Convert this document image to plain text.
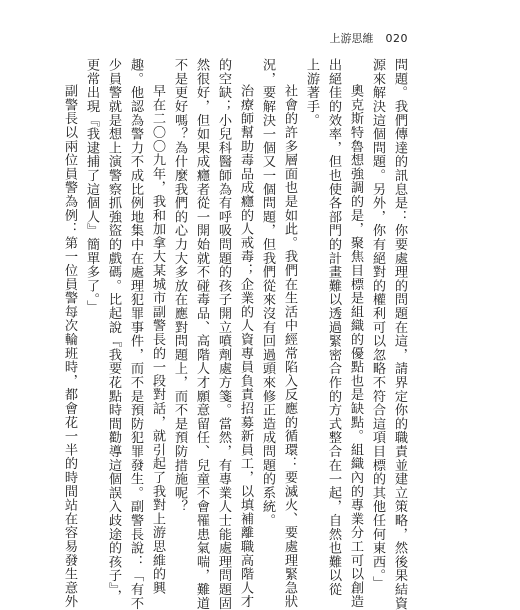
上游思維 020
問題。我們傳達的訊息是：你要處理的問題在這，請界定你的職責並建立策略，然後果結資
源來解決這個問題。另外，你有絕對的權利可以忽略不符合這項目標的其他任何東西。」
奧克斯特魯想強調的是，聚焦目標是組織的優點也是缺點。組織內的專業分工可以創造
出絕佳的效率，但也使各部門的計畫難以透過緊密合作的方式整合在一起，自然也難以從
上游著手。
社會的許多層面也是如此。我們在生活中經常陷入反應的循環：要滅火、要處理緊急狀
況，要解決一個又一個問題，但我們從來沒有回過頭來修正造成問題的系統。
治療師幫助毒品成癮的人戒毒；企業的人資專員負責招募新員工，以填補離職高階人才
的空缺；小兒科醫師為有呼吸問題的孩子開立噴劑處方箋。當然，有專業人士能處理問題固
然很好，但如果成癮者從一開始就不碰毒品、高階人才願意留任、兒童不會罹患氣喘，難道
不是更好嗎？為什麼我們的心力大多放在應對問題上，而不是預防措施呢？
早在二〇〇九年，我和加拿大某城市副警長的一段對話，就引起了我對上游思維的興
趣。他認為警力不成比例地集中在處理犯罪事件，而不是預防犯罪發生。副警長說：「有不
少員警就是想上演警察抓強盜的戲碼。比起說『我要花點時間勸導這個誤入歧途的孩子』，
更常出現『我逮捕了這個人』簡單多了。」
副警長以兩位員警為例：第一位員警每次輪班時，都會花一半的時間站在容易發生意外
